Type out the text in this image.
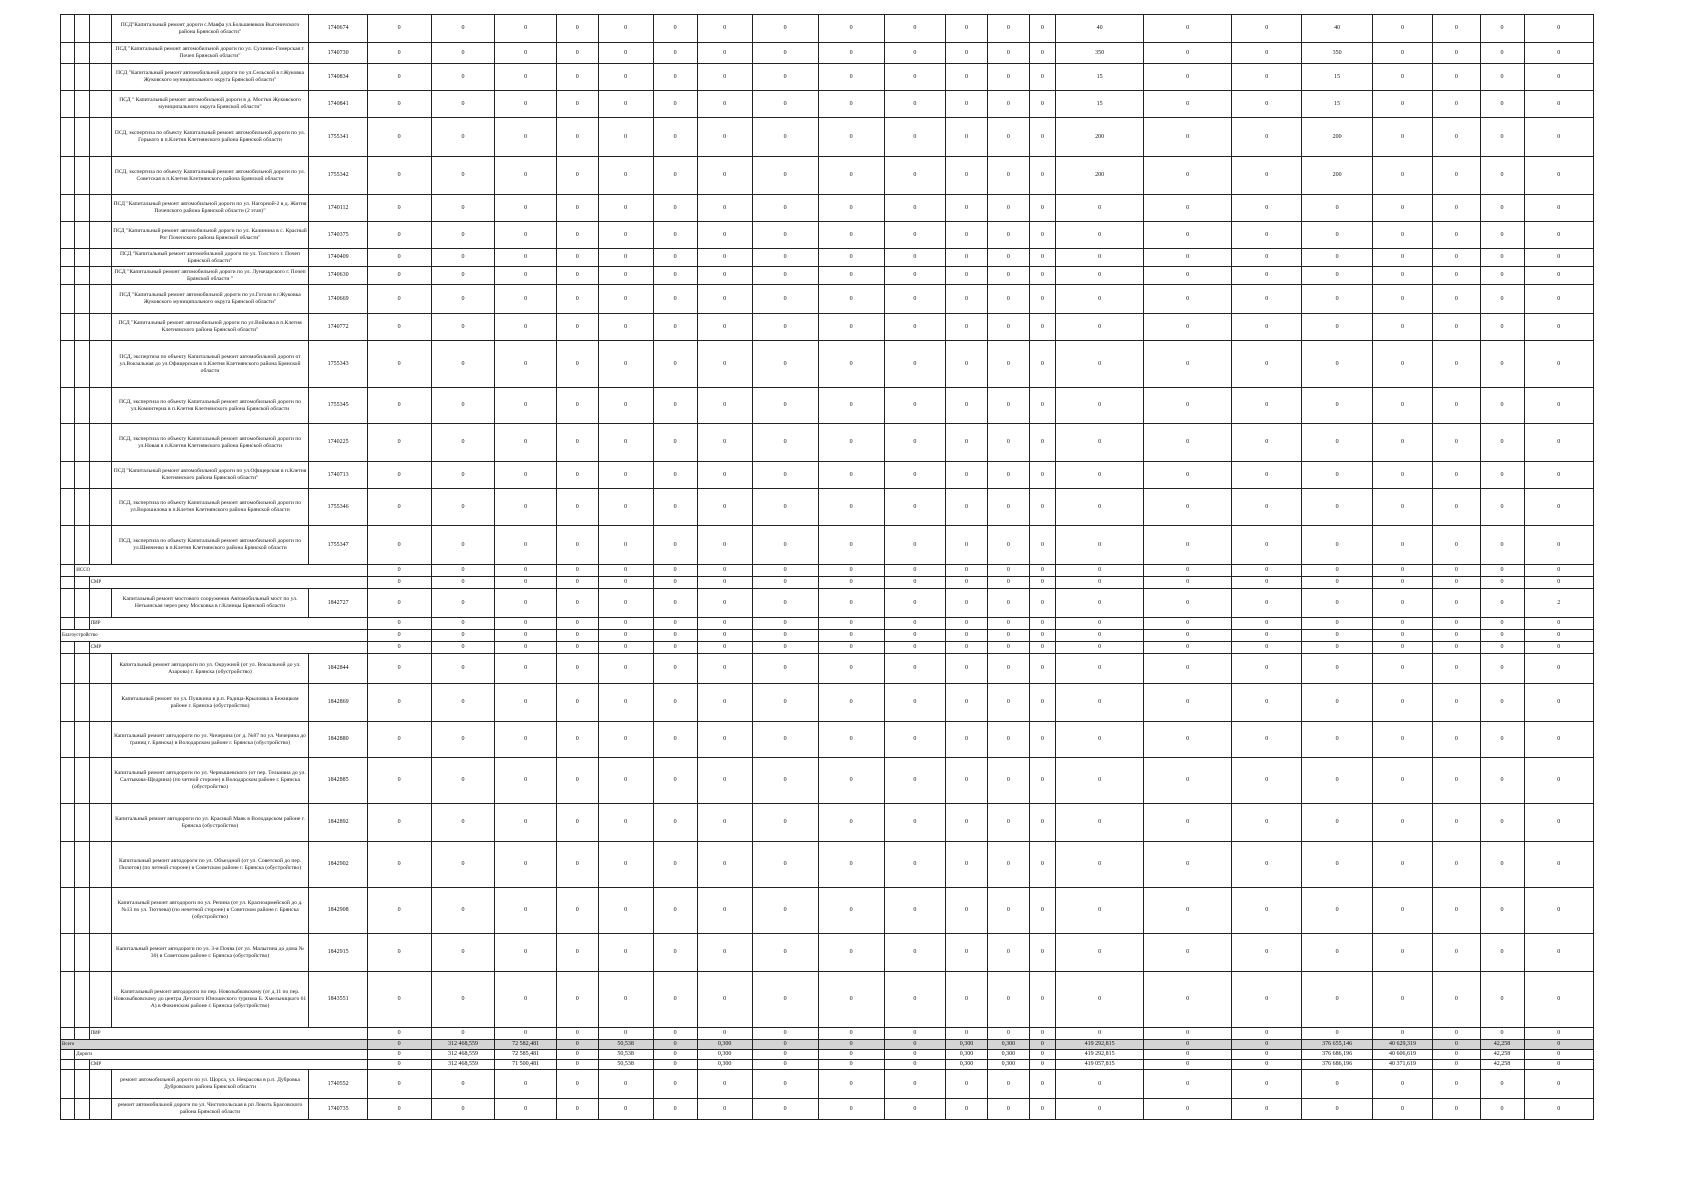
			ПСД"Капитальный ремонт дороги с.Маяфа ул.Большевиков Выгоничского района Брянской области"	1740674	0	0	0	0	0	0	0	0	0	0	0	0	0	40	0	0	40	0	0	0	0
			ПСД "Капитальный ремонт автомобильной дороги по ул. Сухинко-Гомерская г. Почеп Брянской области"	1740730	0	0	0	0	0	0	0	0	0	0	0	0	0	350	0	0	350	0	0	0	0
			ПСД "Капитальный ремонт автомобильной дороги по ул.Сельской в г.Жуковка Жуковского муниципального округа Брянской области"	1740834	0	0	0	0	0	0	0	0	0	0	0	0	0	15	0	0	15	0	0	0	0
			ПСД " Капитальный ремонт автомобильной дороги в д. Мостки Жуковского муниципального округа Брянской области"	1740841	0	0	0	0	0	0	0	0	0	0	0	0	0	15	0	0	15	0	0	0	0
			ПСД, экспертиза по объекту Капитальный ремонт автомобильной дороги по ул. Горького в п.Клетня Клетнянского района Брянской области	1755341	0	0	0	0	0	0	0	0	0	0	0	0	0	200	0	0	200	0	0	0	0
			ПСД, экспертиза по объекту Капитальный ремонт автомобильной дороги по ул. Советская в п.Клетня Клетнянского района Брянской области	1755342	0	0	0	0	0	0	0	0	0	0	0	0	0	200	0	0	200	0	0	0	0
			ПСД "Капитальный ремонт автомобильной дороги по ул. Нагорной-2 в д. Житня Почепского района Брянской области (2 этап)"	1740112	0	0	0	0	0	0	0	0	0	0	0	0	0	0	0	0	0	0	0	0	0
			ПСД "Капитальный ремонт автомобильной дороги по ул. Калинина в с. Красный Рог Почепского района Брянской области"	1740375	0	0	0	0	0	0	0	0	0	0	0	0	0	0	0	0	0	0	0	0	0
			ПСД "Капитальный ремонт автомобильной дороги по ул. Толстого г. Почеп Брянской области"	1740409	0	0	0	0	0	0	0	0	0	0	0	0	0	0	0	0	0	0	0	0	0
			ПСД "Капитальный ремонт автомобильной дороги по ул. Луначарского г. Почеп Брянской области "	1740630	0	0	0	0	0	0	0	0	0	0	0	0	0	0	0	0	0	0	0	0	0
			ПСД "Капитальный ремонт автомобильной дороги по ул.Гоголя в г.Жуковка Жуковского муниципального округа Брянской области"	1740669	0	0	0	0	0	0	0	0	0	0	0	0	0	0	0	0	0	0	0	0	0
			ПСД "Капитальный ремонт автомобильной дороги по ул.Войкова в п.Клетня Клетнянского района Брянской области"	1740772	0	0	0	0	0	0	0	0	0	0	0	0	0	0	0	0	0	0	0	0	0
			ПСД, экспертиза по объекту Капитальный ремонт автомобильной дороги от ул.Вокзальная до ул.Офицерская в п.Клетня Клетнянского района Брянской области	1755343	0	0	0	0	0	0	0	0	0	0	0	0	0	0	0	0	0	0	0	0	0
			ПСД, экспертиза по объекту Капитальный ремонт автомобильной дороги по ул.Коминтерна в п.Клетня Клетнянского района Брянской области	1755345	0	0	0	0	0	0	0	0	0	0	0	0	0	0	0	0	0	0	0	0	0
			ПСД, экспертиза по объекту Капитальный ремонт автомобильной дороги по ул.Новая в п.Клетня Клетнянского района Брянской области	1740225	0	0	0	0	0	0	0	0	0	0	0	0	0	0	0	0	0	0	0	0	0
			ПСД "Капитальный ремонт автомобильной дороги по ул.Офицерская в п.Клетня Клетнянского района Брянской области"	1740713	0	0	0	0	0	0	0	0	0	0	0	0	0	0	0	0	0	0	0	0	0
			ПСД, экспертиза по объекту Капитальный ремонт автомобильной дороги по ул.Ворошилова в п.Клетня Клетнянского района Брянской области	1755346	0	0	0	0	0	0	0	0	0	0	0	0	0	0	0	0	0	0	0	0	0
			ПСД, экспертиза по объекту Капитальный ремонт автомобильной дороги по ул.Шевченко в п.Клетня Клетнянского района Брянской области	1755347	0	0	0	0	0	0	0	0	0	0	0	0	0	0	0	0	0	0	0	0	0
	ИССО				0	0	0	0	0	0	0	0	0	0	0	0	0	0	0	0	0	0	0	0	0
		СМР			0	0	0	0	0	0	0	0	0	0	0	0	0	0	0	0	0	0	0	0	0
			Капитальный ремонт мостового сооружения Автомобильный мост по ул. Нетьинская через реку Московка в г.Клинцы Брянской области	1842727	0	0	0	0	0	0	0	0	0	0	0	0	0	0	0	0	0	0	0	0	2
		ПИР			0	0	0	0	0	0	0	0	0	0	0	0	0	0	0	0	0	0	0	0	0
Благоустройство					0	0	0	0	0	0	0	0	0	0	0	0	0	0	0	0	0	0	0	0	0
		СМР			0	0	0	0	0	0	0	0	0	0	0	0	0	0	0	0	0	0	0	0	0
			Капитальный ремонт автодороги по ул. Окружной (от ул. Вокзальной до ул. Азарова) г. Брянска (обустройство)	1842844	0	0	0	0	0	0	0	0	0	0	0	0	0	0	0	0	0	0	0	0	0
			Капитальный ремонт по ул. Пушкина в р.п. Радица-Крыловка в Бежицком районе г. Брянска (обустройство)	1842869	0	0	0	0	0	0	0	0	0	0	0	0	0	0	0	0	0	0	0	0	0
			Капитальный ремонт автодороги по ул. Чичерина (от д. №87 по ул. Чичерина до границ г. Брянска) в Володарском районе г. Брянска (обустройство)	1842880	0	0	0	0	0	0	0	0	0	0	0	0	0	0	0	0	0	0	0	0	0
			Капитальный ремонт автодороги по ул. Чернышевского (от пер. Тельмана до ул. Салтыкова-Щедрина) (по четной стороне) в Володарском районе г. Брянска (обустройство)	1842885	0	0	0	0	0	0	0	0	0	0	0	0	0	0	0	0	0	0	0	0	0
			Капитальный ремонт автодороги по ул. Красный Маяк в Володарском районе г. Брянска (обустройство)	1842892	0	0	0	0	0	0	0	0	0	0	0	0	0	0	0	0	0	0	0	0	0
			Капитальный ремонт автодороги по ул. Объездной (от ул. Советской до пер. Пилотов) (по четной стороне) в Советском районе г. Брянска (обустройство)	1842902	0	0	0	0	0	0	0	0	0	0	0	0	0	0	0	0	0	0	0	0	0
			Капитальный ремонт автодороги по ул. Репина (от ул. Красноармейской до д. №13 по ул. Тютчева) (по нечетной стороне) в Советском районе г. Брянска (обустройство)	1842908	0	0	0	0	0	0	0	0	0	0	0	0	0	0	0	0	0	0	0	0	0
			Капитальный ремонт автодороги по ул. 3-я Почва (от ул. Малыгина до дома № 30) в Советском районе г. Брянска (обустройство)	1842915	0	0	0	0	0	0	0	0	0	0	0	0	0	0	0	0	0	0	0	0	0
			Капитальный ремонт автодороги по пер. Новозыбковскому (от д.11 по пер. Новозыбковскому до центра Детского Юношеского туризма Б. Хмельницкого 61 А) в Фокинском районе г. Брянска (обустройство)	1843551	0	0	0	0	0	0	0	0	0	0	0	0	0	0	0	0	0	0	0	0	0
		ПИР			0	0	0	0	0	0	0	0	0	0	0	0	0	0	0	0	0	0	0	0	0
Всего					0	312 468,559	72 582,481	0	50,538	0	0,300	0	0	0	0,300	0,300	0	419 292,815	0	0	376 655,146	40 629,319	0	42,258	0
	Дороги				0	312 468,559	72 585,481	0	50,538	0	0,300	0	0	0	0,300	0,300	0	419 292,815	0	0	376 686,196	40 606,619	0	42,258	0
		СМР			0	312 468,559	71 500,481	0	50,538	0	0,300	0	0	0	0,300	0,300	0	419 057,815	0	0	376 686,196	40 371,619	0	42,258	0
			ремонт автомобильной дороги по ул. Щорса, ул. Некрасова в р.п. Дубровка Дубровского района Брянской области	1740552	0	0	0	0	0	0	0	0	0	0	0	0	0	0	0	0	0	0	0	0	0
			ремонт автомобильной дороги по ул. Чистопольская в рп Локоть Брасовского района Брянской области	1740735	0	0	0	0	0	0	0	0	0	0	0	0	0	0	0	0	0	0	0	0	0
